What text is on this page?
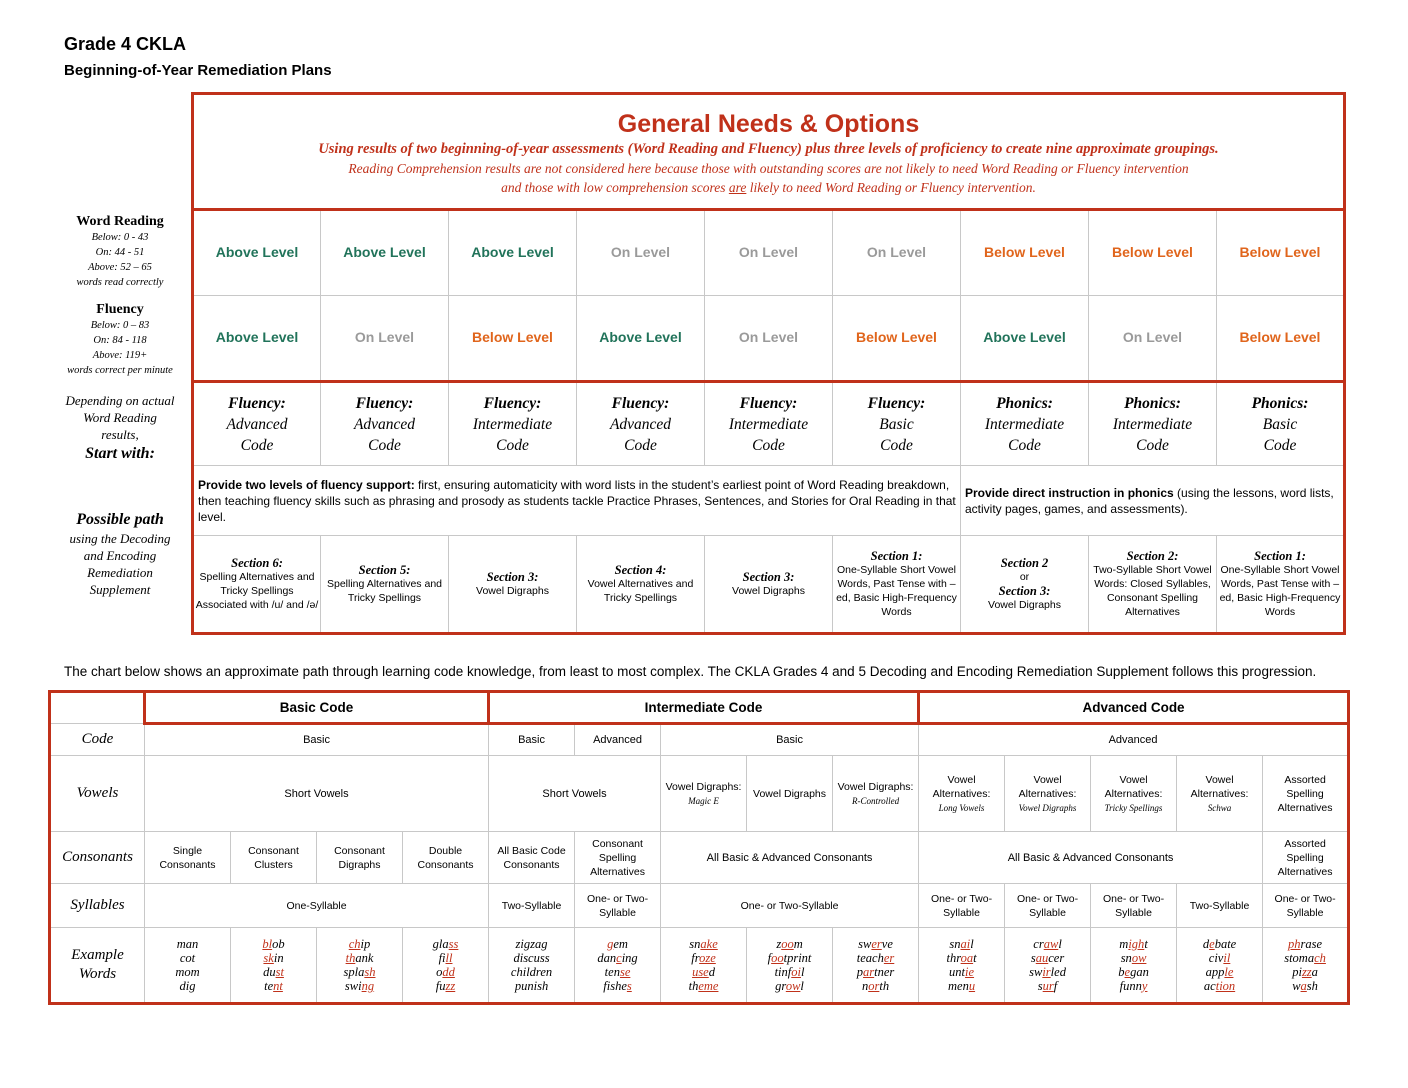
Grade 4 CKLA
Beginning-of-Year Remediation Plans
Word Reading
Below: 0 - 43
On: 44 - 51
Above: 52 – 65
words read correctly
Fluency
Below: 0 – 83
On: 84 - 118
Above: 119+
words correct per minute
Depending on actual
Word Reading
results,
Start with:
Possible path
using the Decoding
and Encoding
Remediation
Supplement
General Needs & Options
Using results of two beginning-of-year assessments (Word Reading and Fluency) plus three levels of proficiency to create nine approximate groupings.
Reading Comprehension results are not considered here because those with outstanding scores are not likely to need Word Reading or Fluency intervention
and those with low comprehension scores are likely to need Word Reading or Fluency intervention.								

Above Level	Above Level	Above Level	On Level	On Level	On Level	Below Level	Below Level	Below Level
Above Level	On Level	Below Level	Above Level	On Level	Below Level	Above Level	On Level	Below Level
Fluency:
Advanced
Code	Fluency:
Advanced
Code	Fluency:
Intermediate
Code	Fluency:
Advanced
Code	Fluency:
Intermediate
Code	Fluency:
Basic
Code	Phonics:
Intermediate
Code	Phonics:
Intermediate
Code	Phonics:
Basic
Code
Provide two levels of fluency support: first, ensuring automaticity with word lists in the student’s earliest point of Word Reading breakdown, then teaching fluency skills such as phrasing and prosody as students tackle Practice Phrases, Sentences, and Stories for Oral Reading in that level.						Provide direct instruction in phonics (using the lessons, word lists, activity pages, games, and assessments).		

Section 6:
Spelling Alternatives and Tricky Spellings Associated with /u/ and /ə/	Section 5:
Spelling Alternatives and Tricky Spellings	Section 3:
Vowel Digraphs	Section 4:
Vowel Alternatives and Tricky Spellings	Section 3:
Vowel Digraphs	Section 1:
One-Syllable Short Vowel Words, Past Tense with –ed, Basic High-Frequency Words	Section 2
or
Section 3:
Vowel Digraphs	Section 2:
Two-Syllable Short Vowel Words: Closed Syllables, Consonant Spelling Alternatives	Section 1:
One-Syllable Short Vowel Words, Past Tense with –ed, Basic High-Frequency Words
The chart below shows an approximate path through learning code knowledge, from least to most complex. The CKLA Grades 4 and 5 Decoding and Encoding Remediation Supplement follows this progression.
	Basic Code				Intermediate Code					Advanced Code				
Code	Basic				Basic	Advanced	Basic			Advanced				
Vowels	Short Vowels				Short Vowels		Vowel Digraphs:
Magic E	Vowel Digraphs	Vowel Digraphs:
R-Controlled	Vowel Alternatives:
Long Vowels	Vowel Alternatives:
Vowel Digraphs	Vowel Alternatives:
Tricky Spellings	Vowel Alternatives:
Schwa	Assorted Spelling Alternatives
Consonants	Single Consonants	Consonant Clusters	Consonant Digraphs	Double Consonants	All Basic Code Consonants	Consonant Spelling Alternatives	All Basic & Advanced Consonants			All Basic & Advanced Consonants				Assorted Spelling Alternatives
Syllables	One-Syllable				Two-Syllable	One- or Two-Syllable	One- or Two-Syllable			One- or Two-Syllable	One- or Two-Syllable	One- or Two-Syllable	Two-Syllable	One- or Two-Syllable
Example Words	man
cot
mom
dig	blob
skin
dust
tent	chip
thank
splash
swing	glass
fill
odd
fuzz	zigzag
discuss
children
punish	gem
dancing
tense
fishes	snake
froze
used
theme	zoom
footprint
tinfoil
growl	swerve
teacher
partner
north	snail
throat
untie
menu	crawl
saucer
swirled
surf	might
snow
began
funny	debate
civil
apple
action	phrase
stomach
pizza
wash
